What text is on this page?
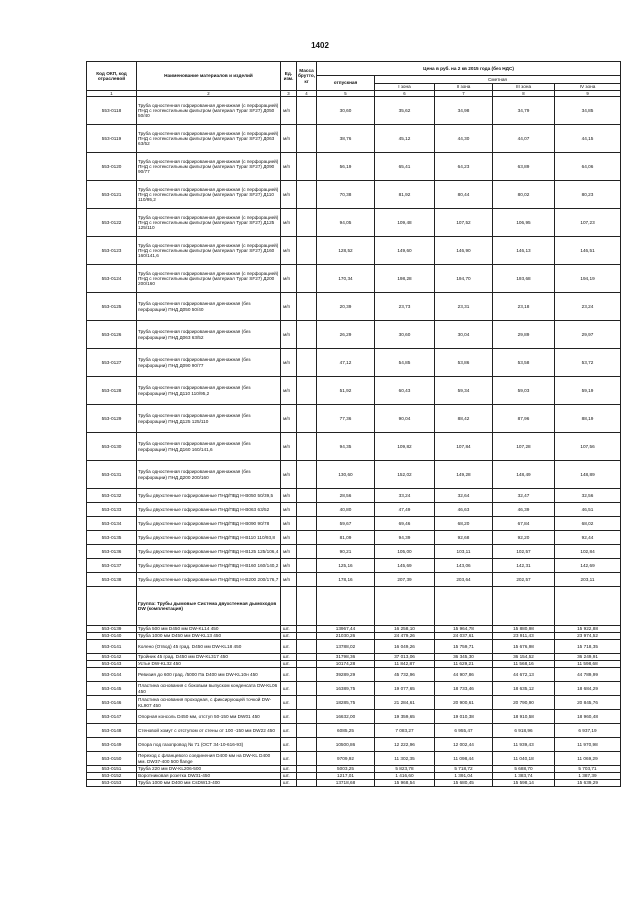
1402
Код ОКП, код отраслевой	Наименование материалов и изделий	Ед. изм.	Масса брутто, кг	Цена в руб. на 2 кв 2015 года (без НДС)				
				отпускная	Сметная			
					I зона	II зона	III зона	IV зона
1	2	3	4	5	6	7	8	9
553-0118	Труба одностенная гофрированная дренажная (с перфорацией) ПНД с геотекстильным фильтром (материал Typar SF27) Д050 50/40	м/п		30,60	35,62	34,98	34,79	34,85
553-0119	Труба одностенная гофрированная дренажная (с перфорацией) ПНД с геотекстильным фильтром (материал Typar SF27) Д063 63/52	м/п		38,76	45,12	44,30	44,07	44,15
553-0120	Труба одностенная гофрированная дренажная (с перфорацией) ПНД с геотекстильным фильтром (материал Typar SF27) Д090 90/77	м/п		56,19	65,41	64,23	63,89	64,06
553-0121	Труба одностенная гофрированная дренажная (с перфорацией) ПНД с геотекстильным фильтром (материал Typar SF27) Д110 110/95,2	м/п		70,38	81,92	80,44	80,02	80,23
553-0122	Труба одностенная гофрированная дренажная (с перфорацией) ПНД с геотекстильным фильтром (материал Typar SF27) Д125 125/110	м/п		94,05	109,48	107,52	106,95	107,23
553-0123	Труба одностенная гофрированная дренажная (с перфорацией) ПНД с геотекстильным фильтром (материал Typar SF27) Д160 160/141,6	м/п		128,52	149,60	146,90	146,13	146,51
553-0124	Труба одностенная гофрированная дренажная (с перфорацией) ПНД с геотекстильным фильтром (материал Typar SF27) Д200 200/160	м/п		170,34	198,28	194,70	193,68	194,19
553-0125	Труба одностенная гофрированная дренажная (без перфорации) ПНД Д050 50/40	м/п		20,39	23,73	23,31	23,18	23,24
553-0126	Труба одностенная гофрированная дренажная (без перфорации) ПНД Д063 63/52	м/п		26,29	30,60	30,04	29,89	29,97
553-0127	Труба одностенная гофрированная дренажная (без перфорации) ПНД Д090 90/77	м/п		47,12	54,85	53,86	53,58	53,72
553-0128	Труба одностенная гофрированная дренажная (без перфорации) ПНД Д110 110/95,2	м/п		51,92	60,43	59,34	59,03	59,19
553-0129	Труба одностенная гофрированная дренажная (без перфорации) ПНД Д125 125/110	м/п		77,36	90,04	88,42	87,96	88,19
553-0130	Труба одностенная гофрированная дренажная (без перфорации) ПНД Д160 160/141,6	м/п		94,35	109,82	107,84	107,28	107,56
553-0131	Труба одностенная гофрированная дренажная (без перфорации) ПНД Д200 200/160	м/п		130,60	152,02	149,28	148,49	148,89
553-0132	Трубы двухстенные гофрированные ПНД/ПВД Н-В050 50/39,5	м/п		28,56	33,24	32,64	32,47	32,56
553-0133	Трубы двухстенные гофрированные ПНД/ПВД Н-В063 63/52	м/п		40,80	47,49	46,63	46,39	46,51
553-0134	Трубы двухстенные гофрированные ПНД/ПВД Н-В090 90/78	м/п		59,67	69,46	68,20	67,84	68,02
553-0135	Трубы двухстенные гофрированные ПНД/ПВД Н-В110 110/93,8	м/п		81,09	94,39	92,68	92,20	92,44
553-0136	Трубы двухстенные гофрированные ПНД/ПВД Н-В125 125/106,4	м/п		90,21	105,00	103,11	102,57	102,84
553-0137	Трубы двухстенные гофрированные ПНД/ПВД Н-В160 160/140,2	м/п		125,16	145,69	143,06	142,31	142,69
553-0138	Трубы двухстенные гофрированные ПНД/ПВД Н-В200 200/176,7	м/п		178,16	207,39	203,64	202,57	203,11
	Группа: Трубы дымовые Система двухстенная дымоходов DW (комплектация)							
553-0139	Труба 500 мм D450 мм DW-KL14 450	шт.		13967,44	16 258,10	15 964,78	15 880,98	15 922,88
553-0140	Труба 1000 мм D450 мм DW-KL13 450	шт.		21030,26	24 479,26	24 037,61	23 911,43	23 974,52
553-0141	Колено (Отвод) 45 град. D450 мм DW-KL18 450	шт.		13788,02	16 049,26	15 759,71	15 676,98	15 718,35
553-0142	Тройник 45 град. D450 мм DW-KL317 450	шт.		31798,36	37 013,06	36 345,30	36 154,52	36 249,91
553-0143	Устье DW-KL32 450	шт.		10174,28	11 842,87	11 629,21	11 568,16	11 598,68
553-0144	Ревизия до 600 град. /5000 Па D400 мм DW-KL10н 450	шт.		39289,29	45 732,96	44 907,86	44 672,13	44 789,99
553-0145	Пластина основания с боковым выпуском конденсата DW-KL06 450	шт.		16389,75	19 077,65	18 733,46	18 635,12	18 684,29
553-0146	Пластина основания проходная, с фиксирующей точкой DW-KL907 450	шт.		18285,75	21 284,61	20 900,61	20 790,90	20 845,76
553-0147	Опорная консоль D450 мм, отступ 50-150 мм DW01 450	шт.		16632,00	19 359,65	19 010,38	18 910,58	18 960,48
553-0148	Стеновой хомут с отступом от стены от 100 -150 мм DW22 450	шт.		6085,25	7 083,27	6 955,47	6 918,96	6 937,19
553-0149	Опора под газопровод № 71 (ОСТ 34-10-616-93)	шт.		10500,86	12 222,96	12 002,44	11 939,43	11 970,98
553-0150	Переход с фланцевого соединения D400 мм на DW-KL D400 мм. DW37-400 500 flange	шт.		9709,92	11 302,35	11 098,44	11 040,18	11 069,29
553-0151	Труба 220 мм DW-KL206-500	шт.		5003,25	5 823,78	5 718,72	5 688,70	5 703,71
553-0152	Воротниковая розетка DW31-450	шт.		1217,01	1 416,60	1 391,04	1 383,74	1 387,39
553-0153	Труба 1000 мм D400 мм CsDW13-400	шт.		13718,68	15 968,54	15 680,45	15 598,14	15 639,29
